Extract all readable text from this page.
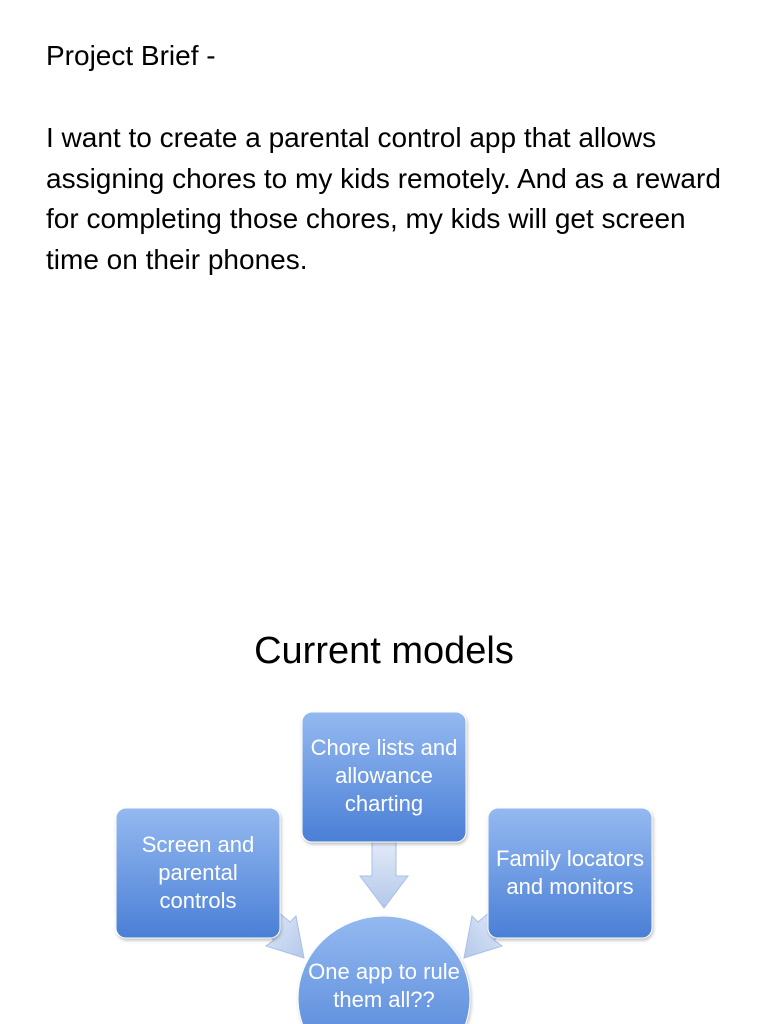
Project Brief -

I want to create a parental control app that allows assigning chores to my kids remotely. And as a reward for completing those chores, my kids will get screen time on their phones.

Current models
Chore lists and allowance charting
Screen and parental controls
Family locators and monitors
One app to rule them all??
